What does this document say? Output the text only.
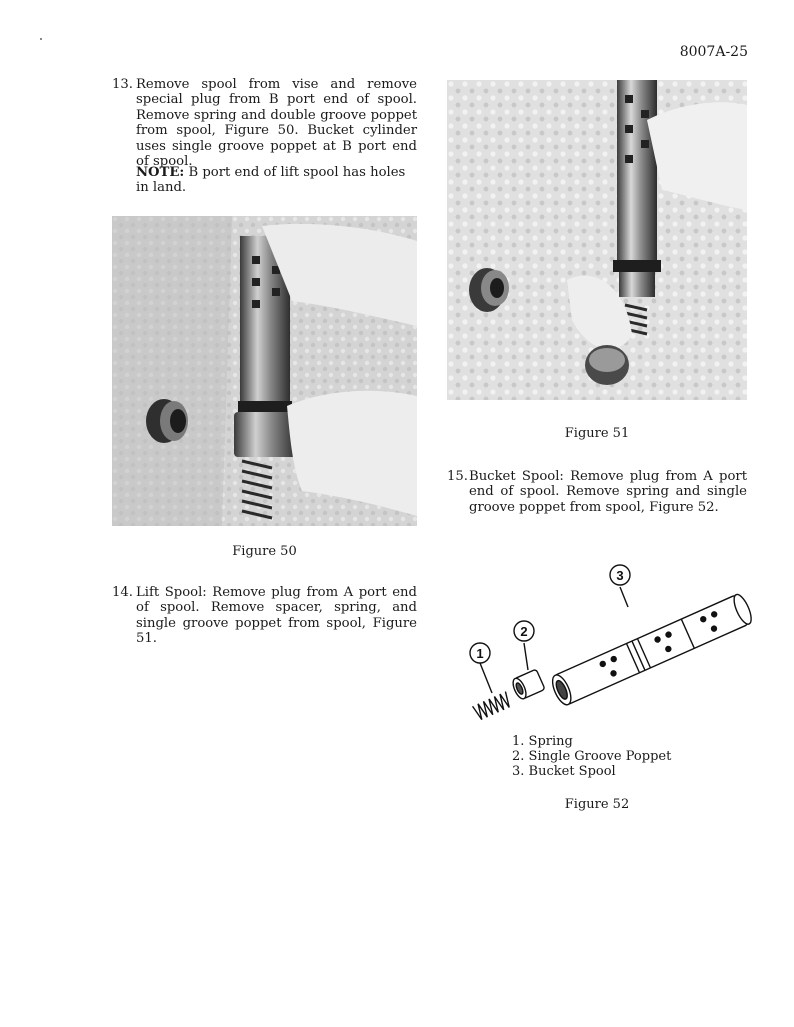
8007A-25
13. Remove spool from vise and remove special plug from B port end of spool. Remove spring and double groove poppet from spool, Figure 50. Bucket cylinder uses single groove poppet at B port end of spool.
NOTE: B port end of lift spool has holes in land.
Figure 50
14. Lift Spool: Remove plug from A port end of spool. Remove spacer, spring, and single groove poppet from spool, Figure 51.
Figure 51
15. Bucket Spool: Remove plug from A port end of spool. Remove spring and single groove poppet from spool, Figure 52.
1
2
3
1. Spring
2. Single Groove Poppet
3. Bucket Spool
Figure 52
